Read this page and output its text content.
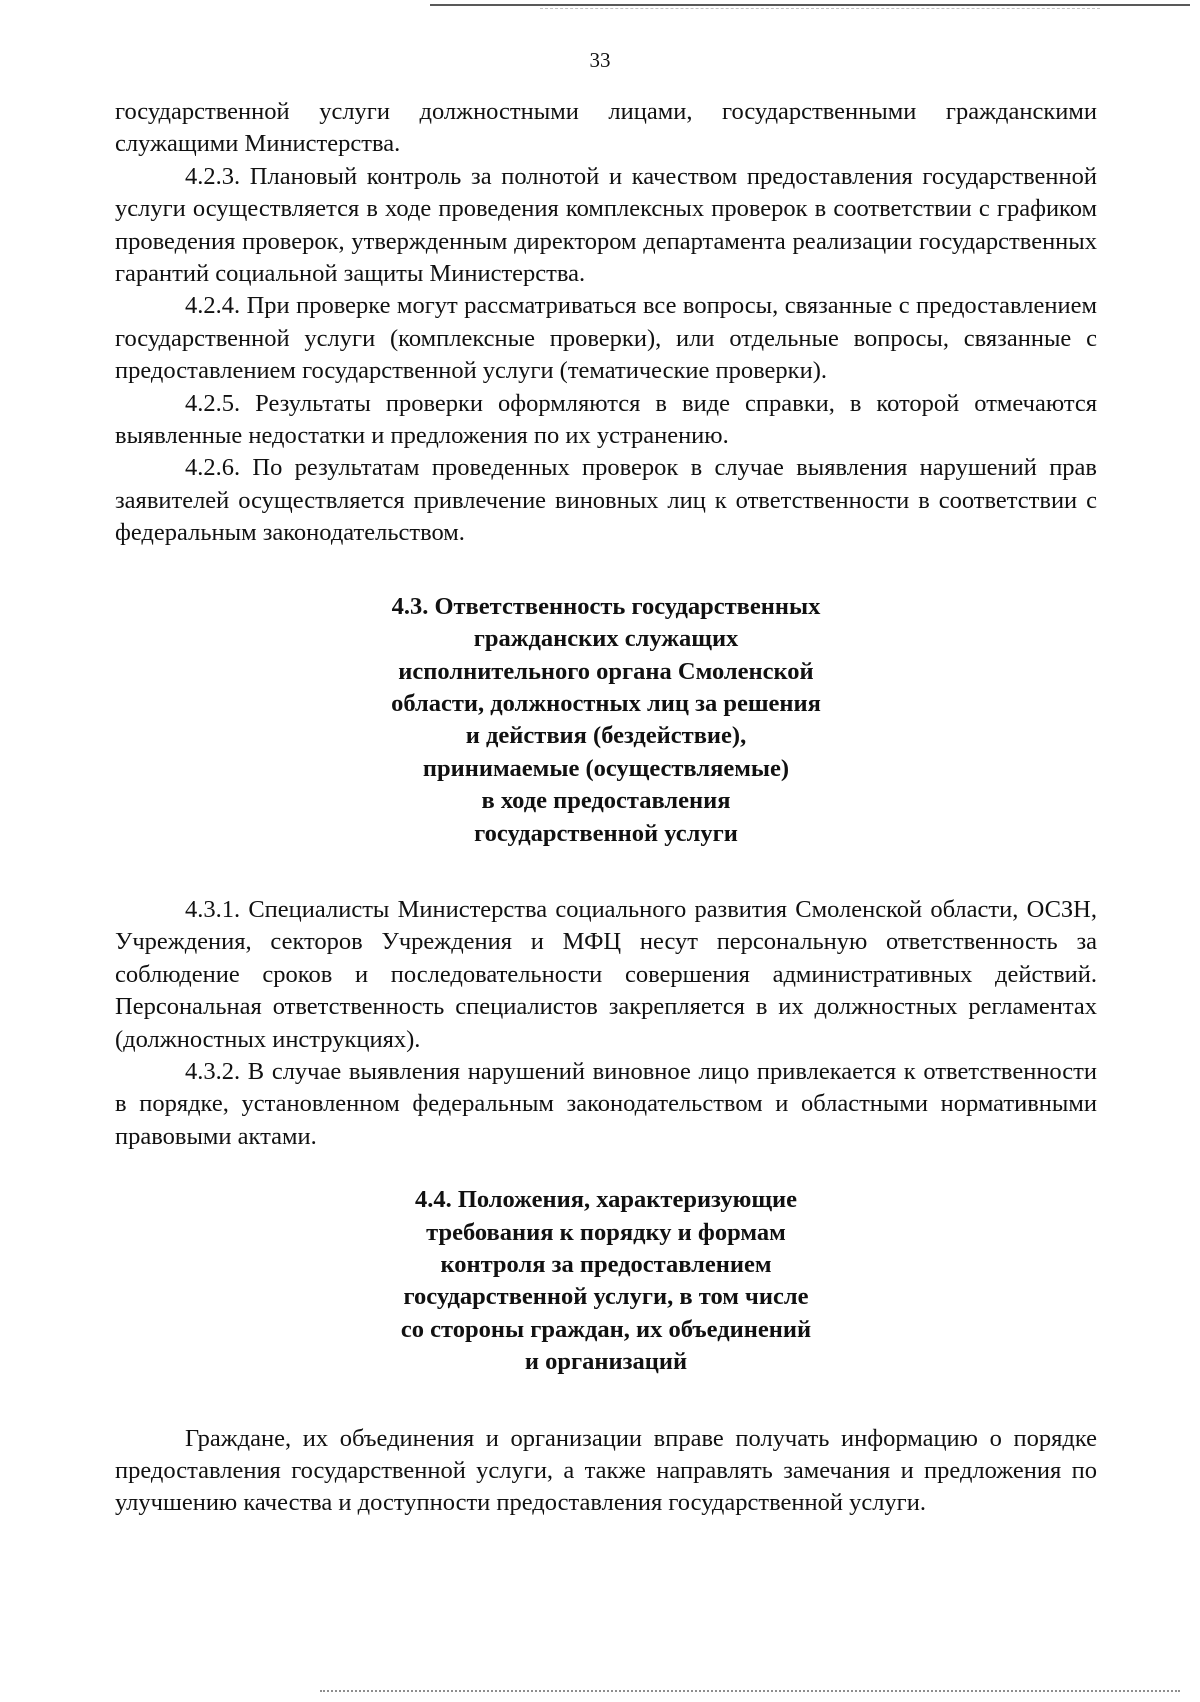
33

государственной услуги должностными лицами, государственными гражданскими служащими Министерства.

4.2.3. Плановый контроль за полнотой и качеством предоставления государственной услуги осуществляется в ходе проведения комплексных проверок в соответствии с графиком проведения проверок, утвержденным директором департамента реализации государственных гарантий социальной защиты Министерства.

4.2.4. При проверке могут рассматриваться все вопросы, связанные с предоставлением государственной услуги (комплексные проверки), или отдельные вопросы, связанные с предоставлением государственной услуги (тематические проверки).

4.2.5. Результаты проверки оформляются в виде справки, в которой отмечаются выявленные недостатки и предложения по их устранению.

4.2.6. По результатам проведенных проверок в случае выявления нарушений прав заявителей осуществляется привлечение виновных лиц к ответственности в соответствии с федеральным законодательством.

4.3. Ответственность государственных
гражданских служащих
исполнительного органа Смоленской
области, должностных лиц за решения
и действия (бездействие),
принимаемые (осуществляемые)
в ходе предоставления
государственной услуги

4.3.1. Специалисты Министерства социального развития Смоленской области, ОСЗН, Учреждения, секторов Учреждения и МФЦ несут персональную ответственность за соблюдение сроков и последовательности совершения административных действий. Персональная ответственность специалистов закрепляется в их должностных регламентах (должностных инструкциях).

4.3.2. В случае выявления нарушений виновное лицо привлекается к ответственности в порядке, установленном федеральным законодательством и областными нормативными правовыми актами.

4.4. Положения, характеризующие
требования к порядку и формам
контроля за предоставлением
государственной услуги, в том числе
со стороны граждан, их объединений
и организаций

Граждане, их объединения и организации вправе получать информацию о порядке предоставления государственной услуги, а также направлять замечания и предложения по улучшению качества и доступности предоставления государственной услуги.
